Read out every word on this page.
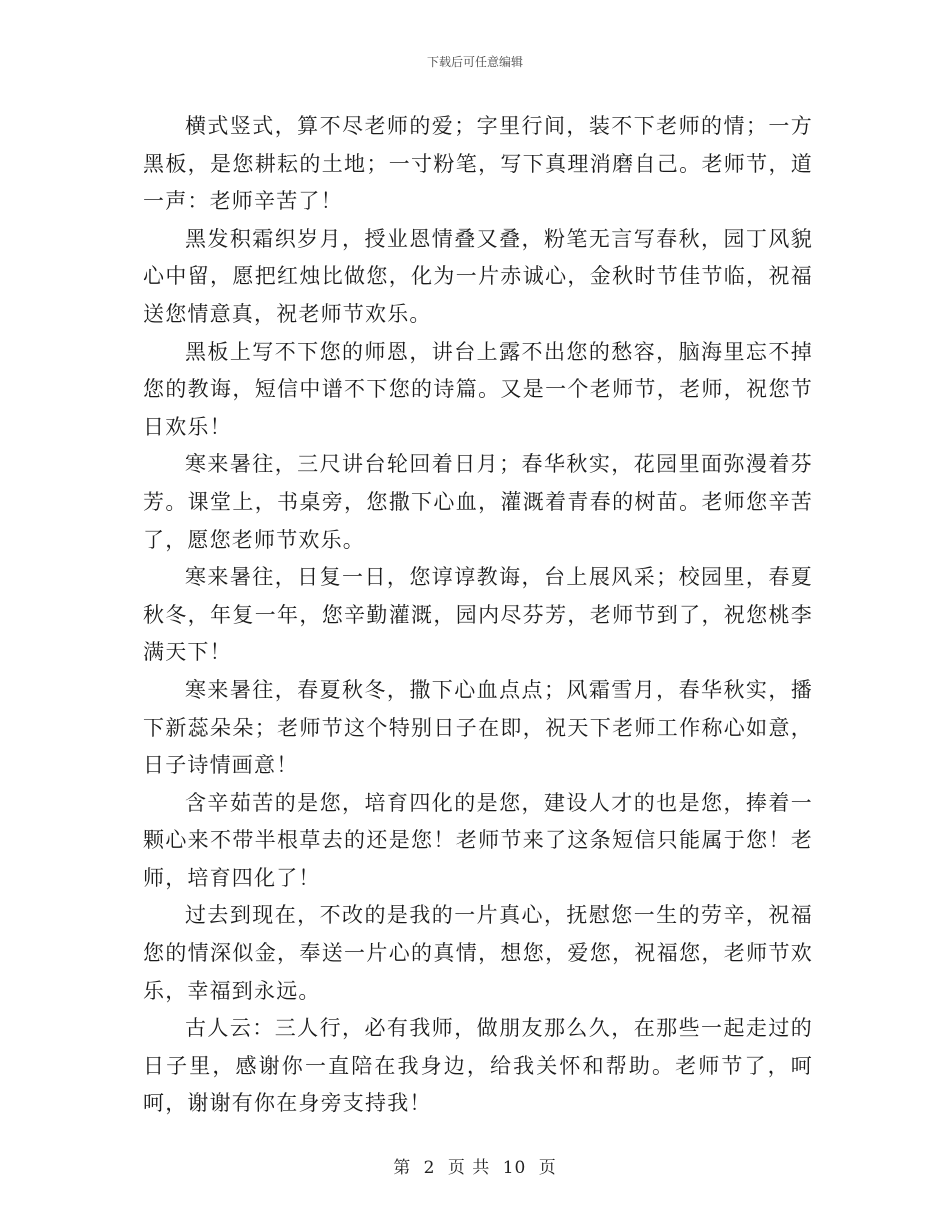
下载后可任意编辑

横式竖式，算不尽老师的爱；字里行间，装不下老师的情；一方黑板，是您耕耘的土地；一寸粉笔，写下真理消磨自己。老师节，道一声：老师辛苦了！

黑发积霜织岁月，授业恩情叠又叠，粉笔无言写春秋，园丁风貌心中留，愿把红烛比做您，化为一片赤诚心，金秋时节佳节临，祝福送您情意真，祝老师节欢乐。

黑板上写不下您的师恩，讲台上露不出您的愁容，脑海里忘不掉您的教诲，短信中谱不下您的诗篇。又是一个老师节，老师，祝您节日欢乐！

寒来暑往，三尺讲台轮回着日月；春华秋实，花园里面弥漫着芬芳。课堂上，书桌旁，您撒下心血，灌溉着青春的树苗。老师您辛苦了，愿您老师节欢乐。

寒来暑往，日复一日，您谆谆教诲，台上展风采；校园里，春夏秋冬，年复一年，您辛勤灌溉，园内尽芬芳，老师节到了，祝您桃李满天下！

寒来暑往，春夏秋冬，撒下心血点点；风霜雪月，春华秋实，播下新蕊朵朵；老师节这个特别日子在即，祝天下老师工作称心如意，日子诗情画意！

含辛茹苦的是您，培育四化的是您，建设人才的也是您，捧着一颗心来不带半根草去的还是您！老师节来了这条短信只能属于您！老师，培育四化了！

过去到现在，不改的是我的一片真心，抚慰您一生的劳辛，祝福您的情深似金，奉送一片心的真情，想您，爱您，祝福您，老师节欢乐，幸福到永远。

古人云：三人行，必有我师，做朋友那么久，在那些一起走过的日子里，感谢你一直陪在我身边，给我关怀和帮助。老师节了，呵呵，谢谢有你在身旁支持我！

第 2 页 共 10 页
